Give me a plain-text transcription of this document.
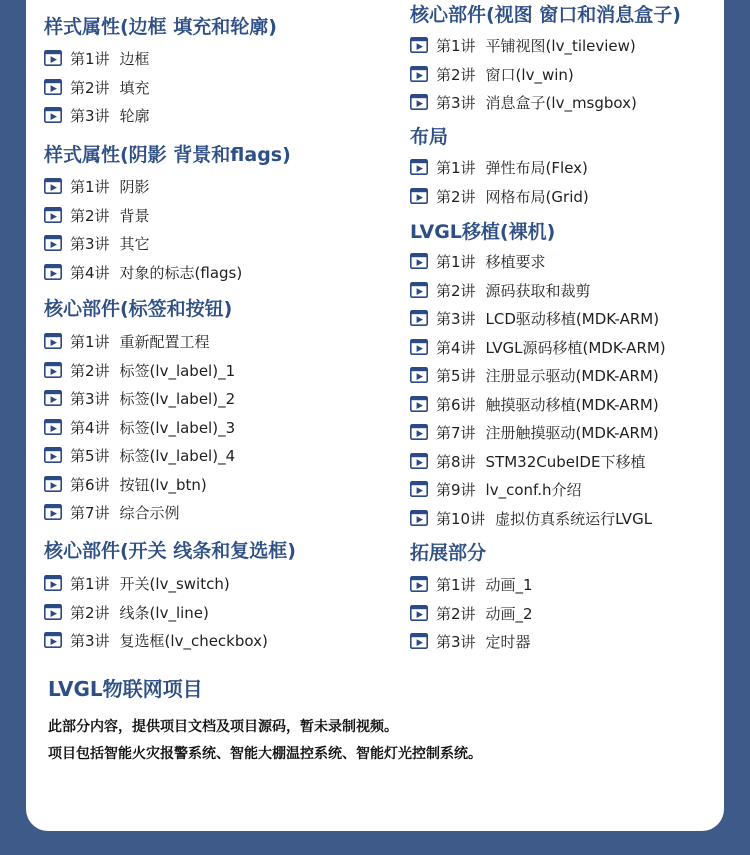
样式属性(边框 填充和轮廓)
第1讲 边框
第2讲 填充
第3讲 轮廓
样式属性(阴影 背景和flags)
第1讲 阴影
第2讲 背景
第3讲 其它
第4讲 对象的标志(flags)
核心部件(标签和按钮)
第1讲 重新配置工程
第2讲 标签(lv_label)_1
第3讲 标签(lv_label)_2
第4讲 标签(lv_label)_3
第5讲 标签(lv_label)_4
第6讲 按钮(lv_btn)
第7讲 综合示例
核心部件(开关 线条和复选框)
第1讲 开关(lv_switch)
第2讲 线条(lv_line)
第3讲 复选框(lv_checkbox)
核心部件(视图 窗口和消息盒子)
第1讲 平铺视图(lv_tileview)
第2讲 窗口(lv_win)
第3讲 消息盒子(lv_msgbox)
布局
第1讲 弹性布局(Flex)
第2讲 网格布局(Grid)
LVGL移植(裸机)
第1讲 移植要求
第2讲 源码获取和裁剪
第3讲 LCD驱动移植(MDK-ARM)
第4讲 LVGL源码移植(MDK-ARM)
第5讲 注册显示驱动(MDK-ARM)
第6讲 触摸驱动移植(MDK-ARM)
第7讲 注册触摸驱动(MDK-ARM)
第8讲 STM32CubeIDE下移植
第9讲 lv_conf.h介绍
第10讲 虚拟仿真系统运行LVGL
拓展部分
第1讲 动画_1
第2讲 动画_2
第3讲 定时器
LVGL物联网项目
此部分内容，提供项目文档及项目源码，暂未录制视频。
项目包括智能火灾报警系统、智能大棚温控系统、智能灯光控制系统。
